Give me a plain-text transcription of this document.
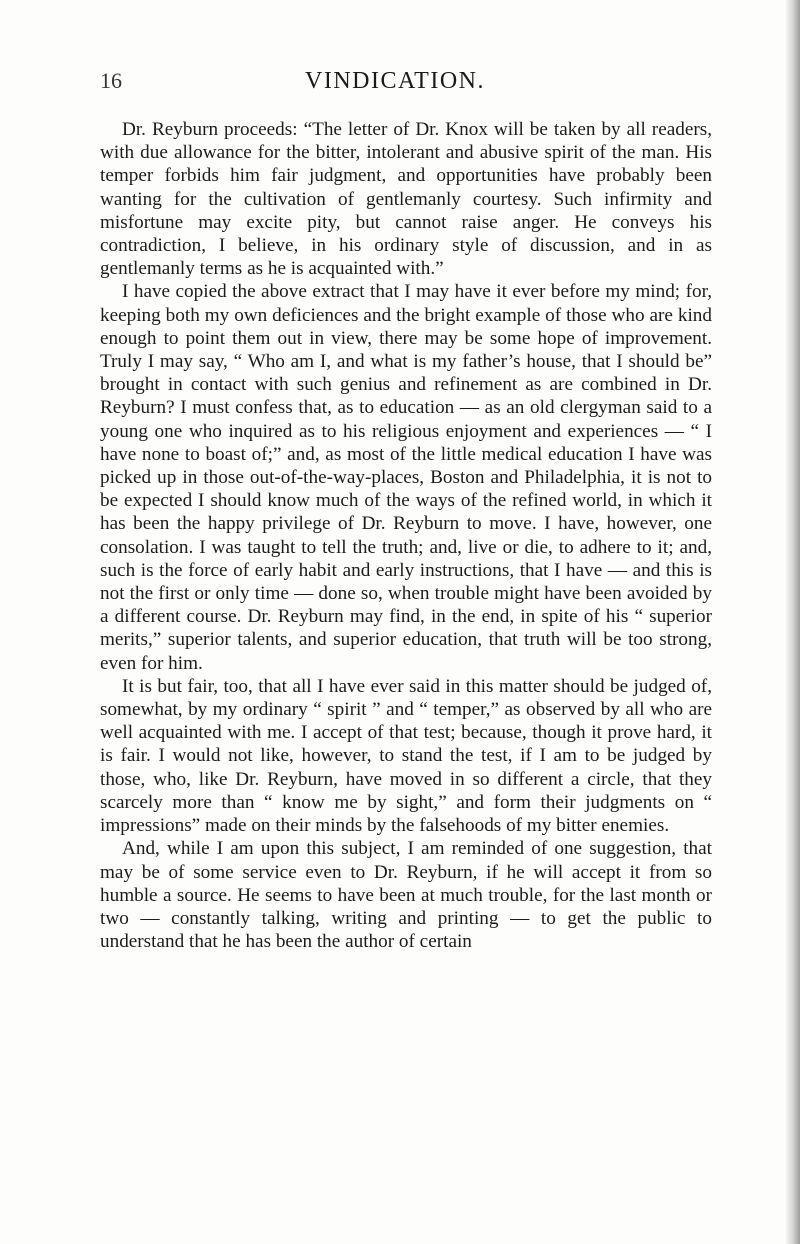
16	VINDICATION.

Dr. Reyburn proceeds: “The letter of Dr. Knox will be taken by all readers, with due allowance for the bitter, intolerant and abusive spirit of the man. His temper forbids him fair judgment, and opportunities have probably been wanting for the cultivation of gentlemanly courtesy. Such infirmity and misfortune may excite pity, but cannot raise anger. He conveys his contradiction, I believe, in his ordinary style of discussion, and in as gentlemanly terms as he is acquainted with.”

I have copied the above extract that I may have it ever before my mind; for, keeping both my own deficiences and the bright example of those who are kind enough to point them out in view, there may be some hope of improvement. Truly I may say, “ Who am I, and what is my father’s house, that I should be” brought in contact with such genius and refinement as are combined in Dr. Reyburn? I must confess that, as to education — as an old clergyman said to a young one who inquired as to his religious enjoyment and experiences — “ I have none to boast of;” and, as most of the little medical education I have was picked up in those out-of-the-way-places, Boston and Philadelphia, it is not to be expected I should know much of the ways of the refined world, in which it has been the happy privilege of Dr. Reyburn to move. I have, however, one consolation. I was taught to tell the truth; and, live or die, to adhere to it; and, such is the force of early habit and early instructions, that I have — and this is not the first or only time — done so, when trouble might have been avoided by a different course. Dr. Reyburn may find, in the end, in spite of his “ superior merits,” superior talents, and superior education, that truth will be too strong, even for him.

It is but fair, too, that all I have ever said in this matter should be judged of, somewhat, by my ordinary “ spirit ” and “ temper,” as observed by all who are well acquainted with me. I accept of that test; because, though it prove hard, it is fair. I would not like, however, to stand the test, if I am to be judged by those, who, like Dr. Reyburn, have moved in so different a circle, that they scarcely more than “ know me by sight,” and form their judgments on “ impressions” made on their minds by the falsehoods of my bitter enemies.

And, while I am upon this subject, I am reminded of one suggestion, that may be of some service even to Dr. Reyburn, if he will accept it from so humble a source. He seems to have been at much trouble, for the last month or two — constantly talking, writing and printing — to get the public to understand that he has been the author of certain
